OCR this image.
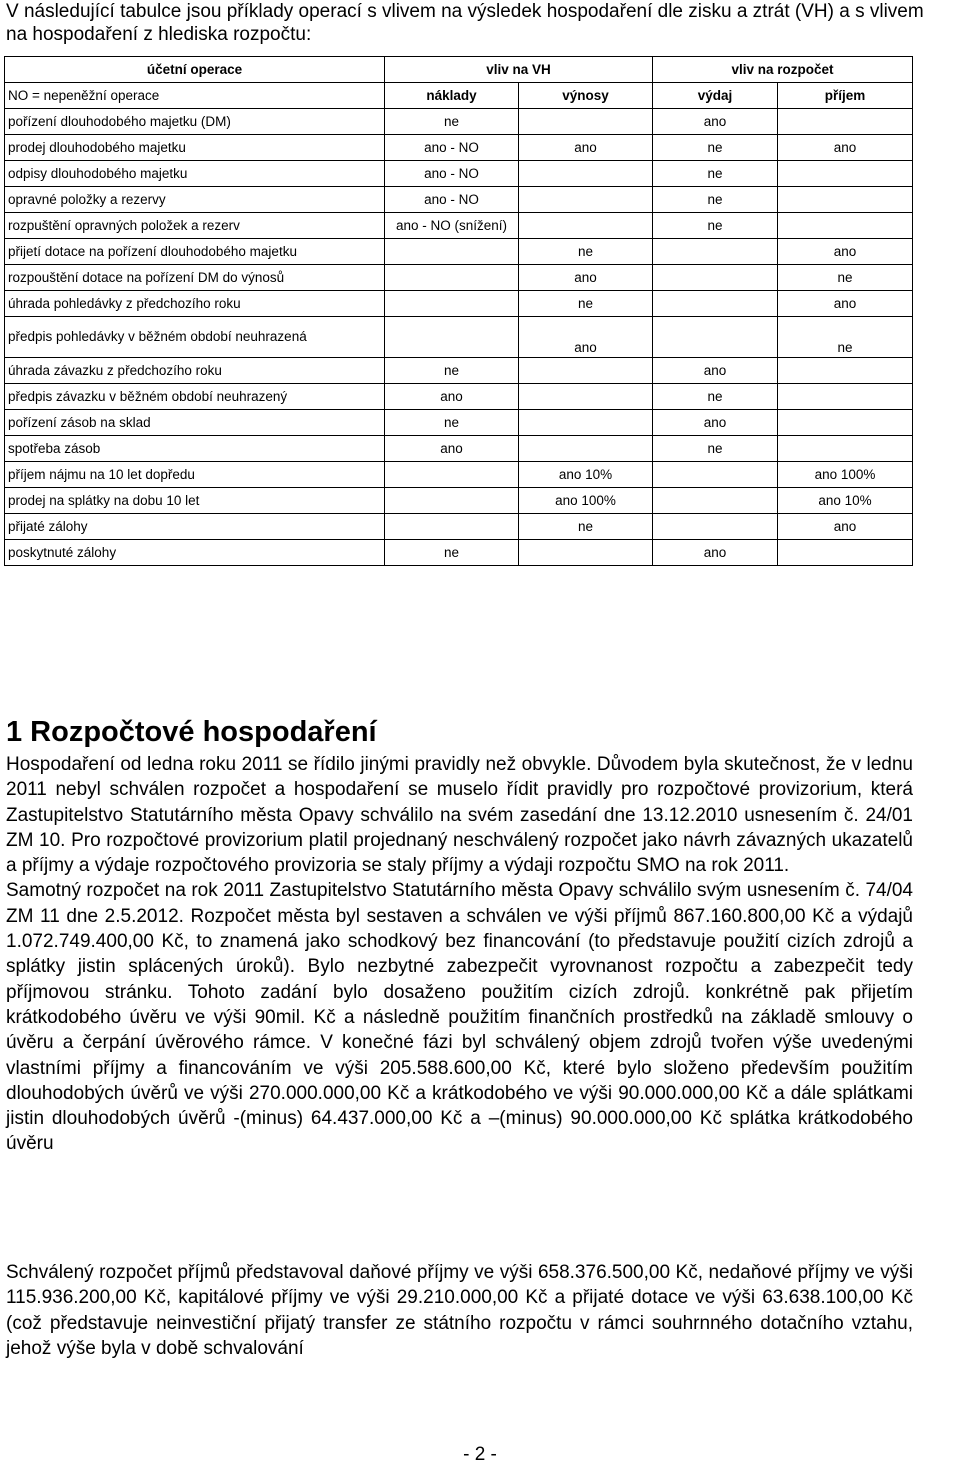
V následující tabulce jsou příklady operací s vlivem na výsledek hospodaření dle zisku a ztrát (VH) a s vlivem na hospodaření z hlediska rozpočtu:
účetní operace	vliv na VH		vliv na rozpočet	
NO = nepeněžní operace	náklady	výnosy	výdaj	příjem
pořízení dlouhodobého majetku (DM)	ne		ano	
prodej dlouhodobého majetku	ano - NO	ano	ne	ano
odpisy dlouhodobého majetku	ano - NO		ne	
opravné položky a rezervy	ano - NO		ne	
rozpuštění opravných položek a rezerv	ano - NO (snížení)		ne	
přijetí dotace na pořízení dlouhodobého majetku		ne		ano
rozpouštění dotace na pořízení DM do výnosů		ano		ne
úhrada pohledávky z předchozího roku		ne		ano
předpis pohledávky v běžném období neuhrazená		ano		ne
úhrada závazku z předchozího roku	ne		ano	
předpis závazku v běžném období neuhrazený	ano		ne	
pořízení zásob na sklad	ne		ano	
spotřeba zásob	ano		ne	
příjem nájmu na 10 let dopředu		ano 10%		ano 100%
prodej na splátky na dobu 10 let		ano 100%		ano 10%
přijaté zálohy		ne		ano
poskytnuté zálohy	ne		ano	
1 Rozpočtové hospodaření
Hospodaření od ledna roku 2011 se řídilo jinými pravidly než obvykle. Důvodem byla skutečnost, že v lednu 2011 nebyl schválen rozpočet a hospodaření se muselo řídit pravidly pro rozpočtové provizorium, která Zastupitelstvo Statutárního města Opavy schválilo na svém zasedání dne 13.12.2010 usnesením č. 24/01 ZM 10. Pro rozpočtové provizorium platil projednaný neschválený rozpočet jako návrh závazných ukazatelů a příjmy a výdaje rozpočtového provizoria se staly příjmy a výdaji rozpočtu SMO na rok 2011.
Samotný rozpočet na rok 2011 Zastupitelstvo Statutárního města Opavy schválilo svým usnesením č. 74/04 ZM 11 dne 2.5.2012. Rozpočet města byl sestaven a schválen ve výši příjmů 867.160.800,00 Kč a výdajů 1.072.749.400,00 Kč, to znamená jako schodkový bez financování (to představuje použití cizích zdrojů a splátky jistin splácených úroků). Bylo nezbytné zabezpečit vyrovnanost rozpočtu a zabezpečit tedy příjmovou stránku. Tohoto zadání bylo dosaženo použitím cizích zdrojů. konkrétně pak přijetím krátkodobého úvěru ve výši 90mil. Kč a následně použitím finančních prostředků na základě smlouvy o úvěru a čerpání úvěrového rámce. V konečné fázi byl schválený objem zdrojů tvořen výše uvedenými vlastními příjmy a financováním ve výši 205.588.600,00 Kč, které bylo složeno především použitím dlouhodobých úvěrů ve výši 270.000.000,00 Kč a krátkodobého ve výši 90.000.000,00 Kč a dále splátkami jistin dlouhodobých úvěrů -(minus) 64.437.000,00 Kč a –(minus) 90.000.000,00 Kč splátka krátkodobého úvěru
Schválený rozpočet příjmů představoval daňové příjmy ve výši 658.376.500,00 Kč, nedaňové příjmy ve výši 115.936.200,00 Kč, kapitálové příjmy ve výši 29.210.000,00 Kč a přijaté dotace ve výši 63.638.100,00 Kč (což představuje neinvestiční přijatý transfer ze státního rozpočtu v rámci souhrnného dotačního vztahu, jehož výše byla v době schvalování
- 2 -
